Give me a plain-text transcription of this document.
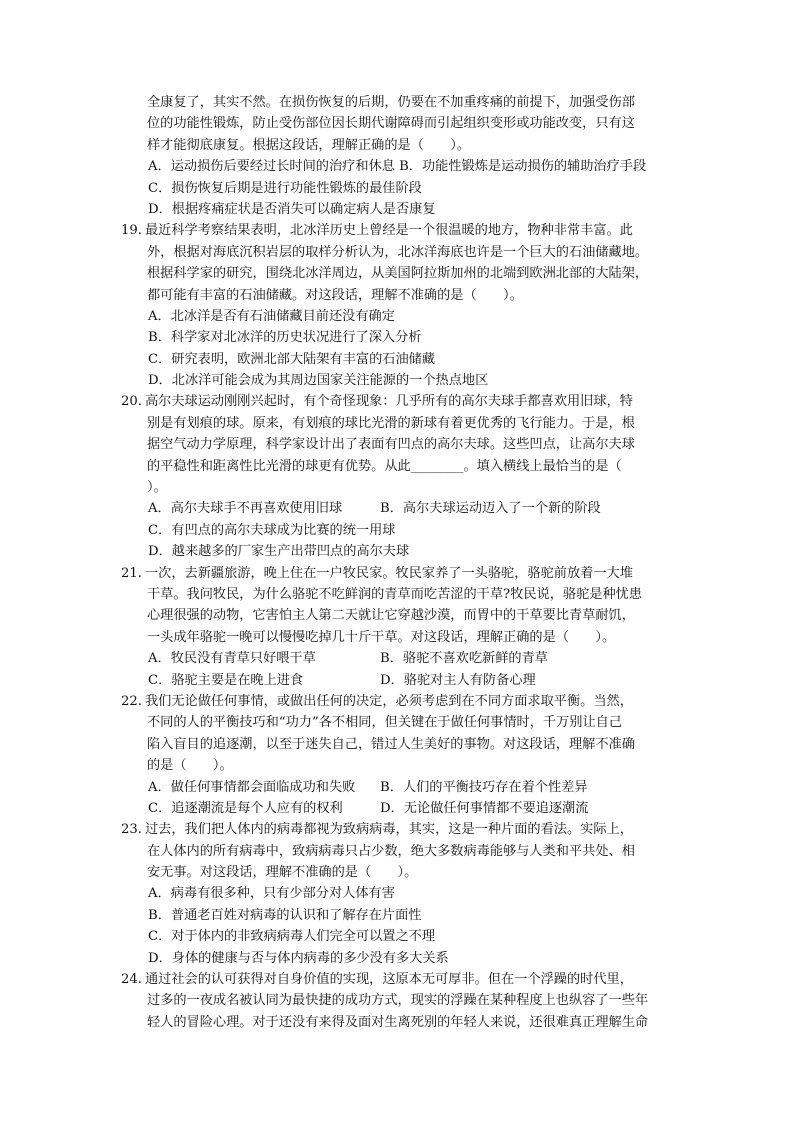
全康复了，其实不然。在损伤恢复的后期，仍要在不加重疼痛的前提下，加强受伤部
位的功能性锻炼，防止受伤部位因长期代谢障碍而引起组织变形或功能改变，只有这
样才能彻底康复。根据这段话，理解正确的是（　　）。
A．运动损伤后要经过长时间的治疗和休息 B．功能性锻炼是运动损伤的辅助治疗手段
C．损伤恢复后期是进行功能性锻炼的最佳阶段
D．根据疼痛症状是否消失可以确定病人是否康复
19. 最近科学考察结果表明，北冰洋历史上曾经是一个很温暖的地方，物种非常丰富。此
外，根据对海底沉积岩层的取样分析认为，北冰洋海底也许是一个巨大的石油储藏地。
根据科学家的研究，围绕北冰洋周边，从美国阿拉斯加州的北端到欧洲北部的大陆架，
都可能有丰富的石油储藏。对这段话，理解不准确的是（　　）。
A．北冰洋是否有石油储藏目前还没有确定
B．科学家对北冰洋的历史状况进行了深入分析
C．研究表明，欧洲北部大陆架有丰富的石油储藏
D．北冰洋可能会成为其周边国家关注能源的一个热点地区
20. 高尔夫球运动刚刚兴起时，有个奇怪现象：几乎所有的高尔夫球手都喜欢用旧球，特
别是有划痕的球。原来，有划痕的球比光滑的新球有着更优秀的飞行能力。于是，根
据空气动力学原理，科学家设计出了表面有凹点的高尔夫球。这些凹点，让高尔夫球
的平稳性和距离性比光滑的球更有优势。从此________。填入横线上最恰当的是（
）。
A．高尔夫球手不再喜欢使用旧球	B．高尔夫球运动迈入了一个新的阶段
C．有凹点的高尔夫球成为比赛的统一用球
D．越来越多的厂家生产出带凹点的高尔夫球
21. 一次，去新疆旅游，晚上住在一户牧民家。牧民家养了一头骆驼，骆驼前放着一大堆
干草。我问牧民，为什么骆驼不吃鲜润的青草而吃苦涩的干草?牧民说，骆驼是种忧患
心理很强的动物，它害怕主人第二天就让它穿越沙漠，而胃中的干草要比青草耐饥，
一头成年骆驼一晚可以慢慢吃掉几十斤干草。对这段话，理解正确的是（　　）。
A．牧民没有青草只好喂干草	B．骆驼不喜欢吃新鲜的青草
C．骆驼主要是在晚上进食	D．骆驼对主人有防备心理
22. 我们无论做任何事情，或做出任何的决定，必须考虑到在不同方面求取平衡。当然，
不同的人的平衡技巧和“功力”各不相同，但关键在于做任何事情时，千万别让自己
陷入盲目的追逐潮，以至于迷失自己，错过人生美好的事物。对这段话，理解不准确
的是（　　）。
A．做任何事情都会面临成功和失败	B．人们的平衡技巧存在着个性差异
C．追逐潮流是每个人应有的权利	D．无论做任何事情都不要追逐潮流
23. 过去，我们把人体内的病毒都视为致病病毒，其实，这是一种片面的看法。实际上，
在人体内的所有病毒中，致病病毒只占少数，绝大多数病毒能够与人类和平共处、相
安无事。对这段话，理解不准确的是（　　）。
A．病毒有很多种，只有少部分对人体有害
B．普通老百姓对病毒的认识和了解存在片面性
C．对于体内的非致病病毒人们完全可以置之不理
D．身体的健康与否与体内病毒的多少没有多大关系
24. 通过社会的认可获得对自身价值的实现，这原本无可厚非。但在一个浮躁的时代里，
过多的一夜成名被认同为最快捷的成功方式，现实的浮躁在某种程度上也纵容了一些年
轻人的冒险心理。对于还没有来得及面对生离死别的年轻人来说，还很难真正理解生命
